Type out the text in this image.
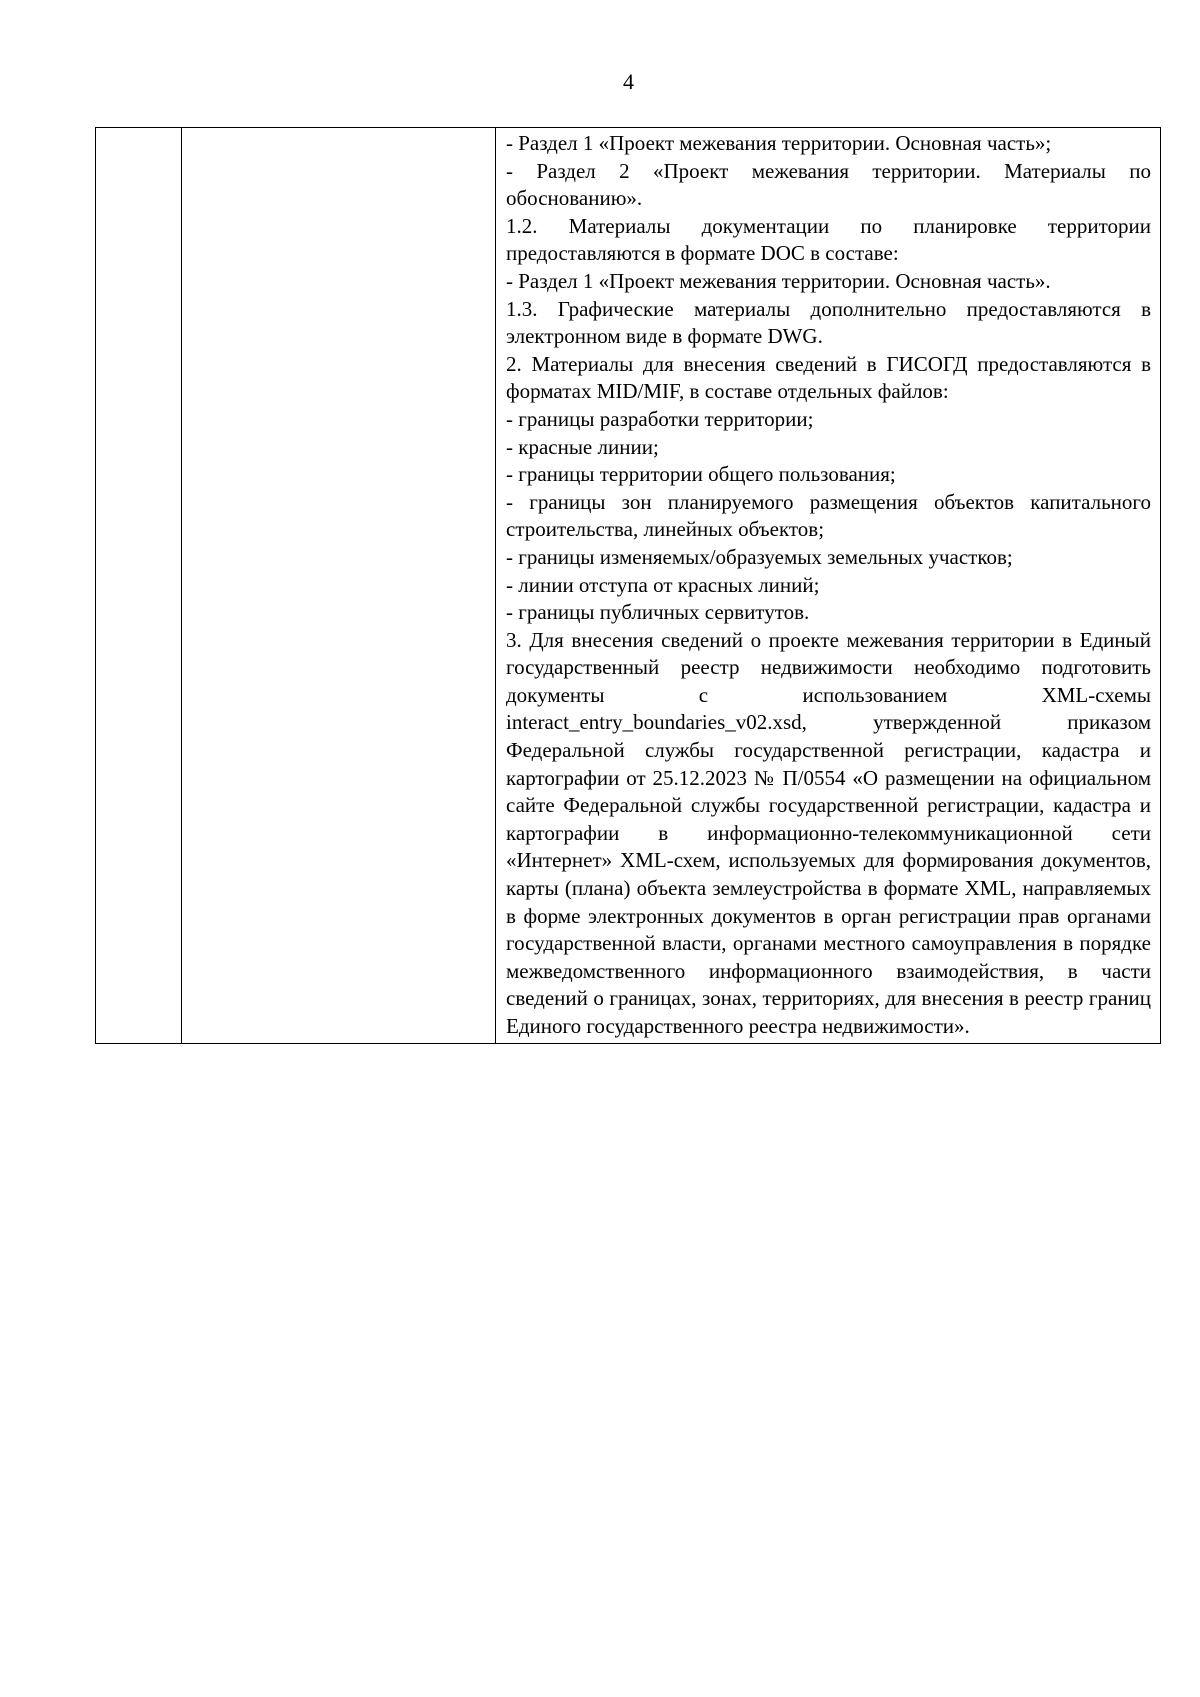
4

- Раздел 1 «Проект межевания территории. Основная часть»;

- Раздел 2 «Проект межевания территории. Материалы по обоснованию».

1.2. Материалы документации по планировке территории предоставляются в формате DOC в составе:

- Раздел 1 «Проект межевания территории. Основная часть».

1.3. Графические материалы дополнительно предоставляются в электронном виде в формате DWG.

2. Материалы для внесения сведений в ГИСОГД предоставляются в форматах MID/MIF, в составе отдельных файлов:

- границы разработки территории;

- красные линии;

- границы территории общего пользования;

- границы зон планируемого размещения объектов капитального строительства, линейных объектов;

- границы изменяемых/образуемых земельных участков;

- линии отступа от красных линий;

- границы публичных сервитутов.

3. Для внесения сведений о проекте межевания территории в Единый государственный реестр недвижимости необходимо подготовить документы с использованием XML-схемы interact_entry_boundaries_v02.xsd, утвержденной приказом Федеральной службы государственной регистрации, кадастра и картографии от 25.12.2023 № П/0554 «О размещении на официальном сайте Федеральной службы государственной регистрации, кадастра и картографии в информационно-телекоммуникационной сети «Интернет» XML-схем, используемых для формирования документов, карты (плана) объекта землеустройства в формате XML, направляемых в форме электронных документов в орган регистрации прав органами государственной власти, органами местного самоуправления в порядке межведомственного информационного взаимодействия, в части сведений о границах, зонах, территориях, для внесения в реестр границ Единого государственного реестра недвижимости».
